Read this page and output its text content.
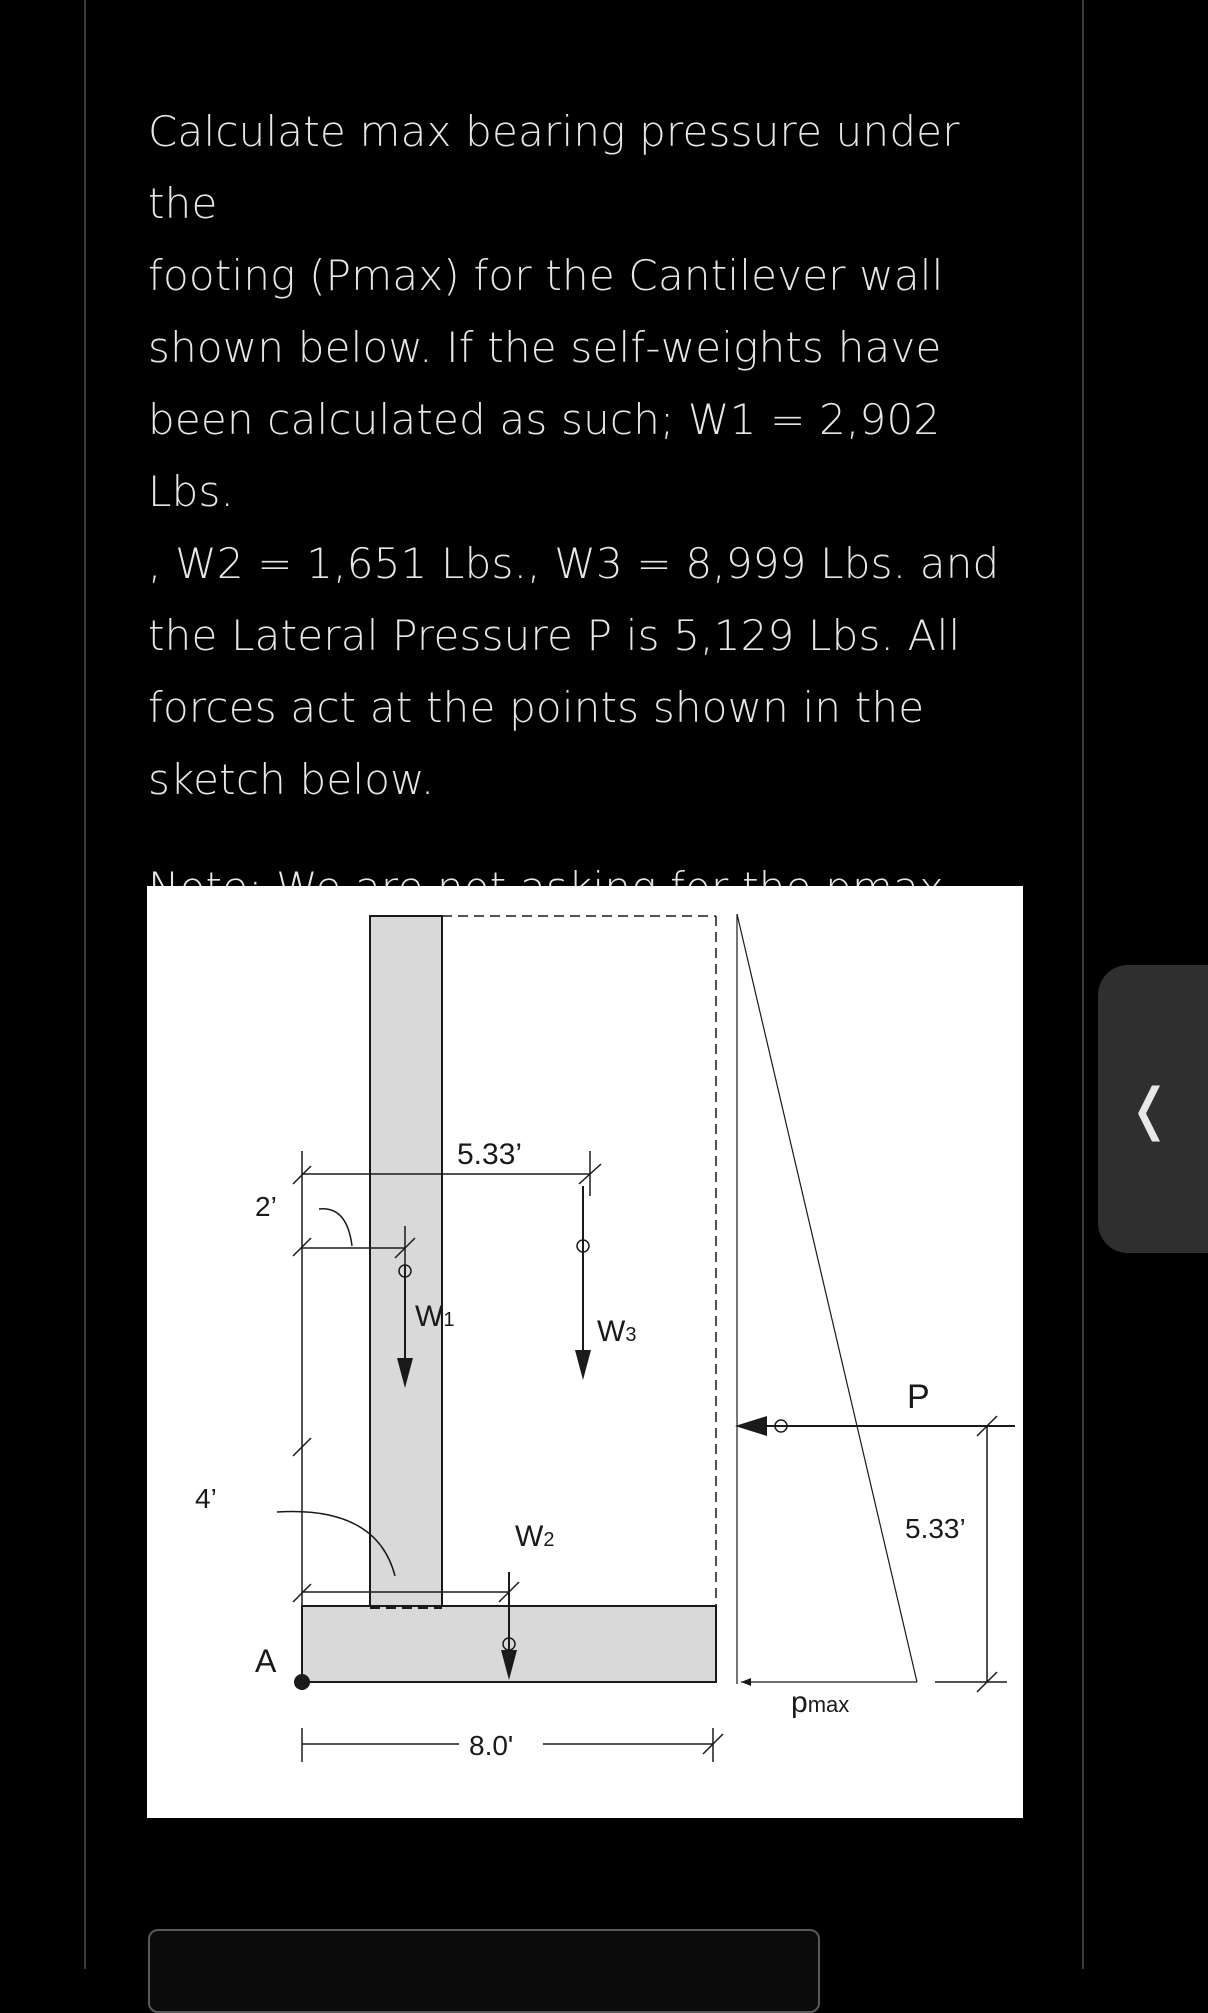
Calculate max bearing pressure under the

footing (Pmax) for the Cantilever wall

shown below. If the self-weights have

been calculated as such; W1 = 2,902 Lbs.

, W2 = 1,651 Lbs., W3 = 8,999 Lbs. and

the Lateral Pressure P is 5,129 Lbs. All

forces act at the points shown in the

sketch below.

5.33’
2’
W1	W3
4’
W2
A
8.0'
pmax
P
5.33’
❬
